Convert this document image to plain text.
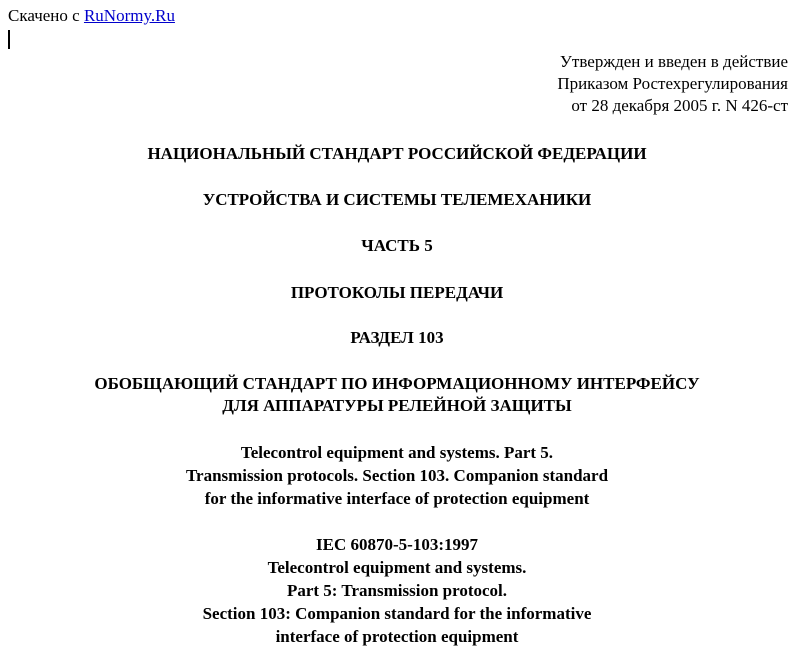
Скачено с RuNormy.Ru
Утвержден и введен в действие
Приказом Ростехрегулирования
от 28 декабря 2005 г. N 426-ст
НАЦИОНАЛЬНЫЙ СТАНДАРТ РОССИЙСКОЙ ФЕДЕРАЦИИ
УСТРОЙСТВА И СИСТЕМЫ ТЕЛЕМЕХАНИКИ
ЧАСТЬ 5
ПРОТОКОЛЫ ПЕРЕДАЧИ
РАЗДЕЛ 103
ОБОБЩАЮЩИЙ СТАНДАРТ ПО ИНФОРМАЦИОННОМУ ИНТЕРФЕЙСУ
ДЛЯ АППАРАТУРЫ РЕЛЕЙНОЙ ЗАЩИТЫ
Telecontrol equipment and systems. Part 5.
Transmission protocols. Section 103. Companion standard
for the informative interface of protection equipment
IEC 60870-5-103:1997
Telecontrol equipment and systems.
Part 5: Transmission protocol.
Section 103: Companion standard for the informative
interface of protection equipment
